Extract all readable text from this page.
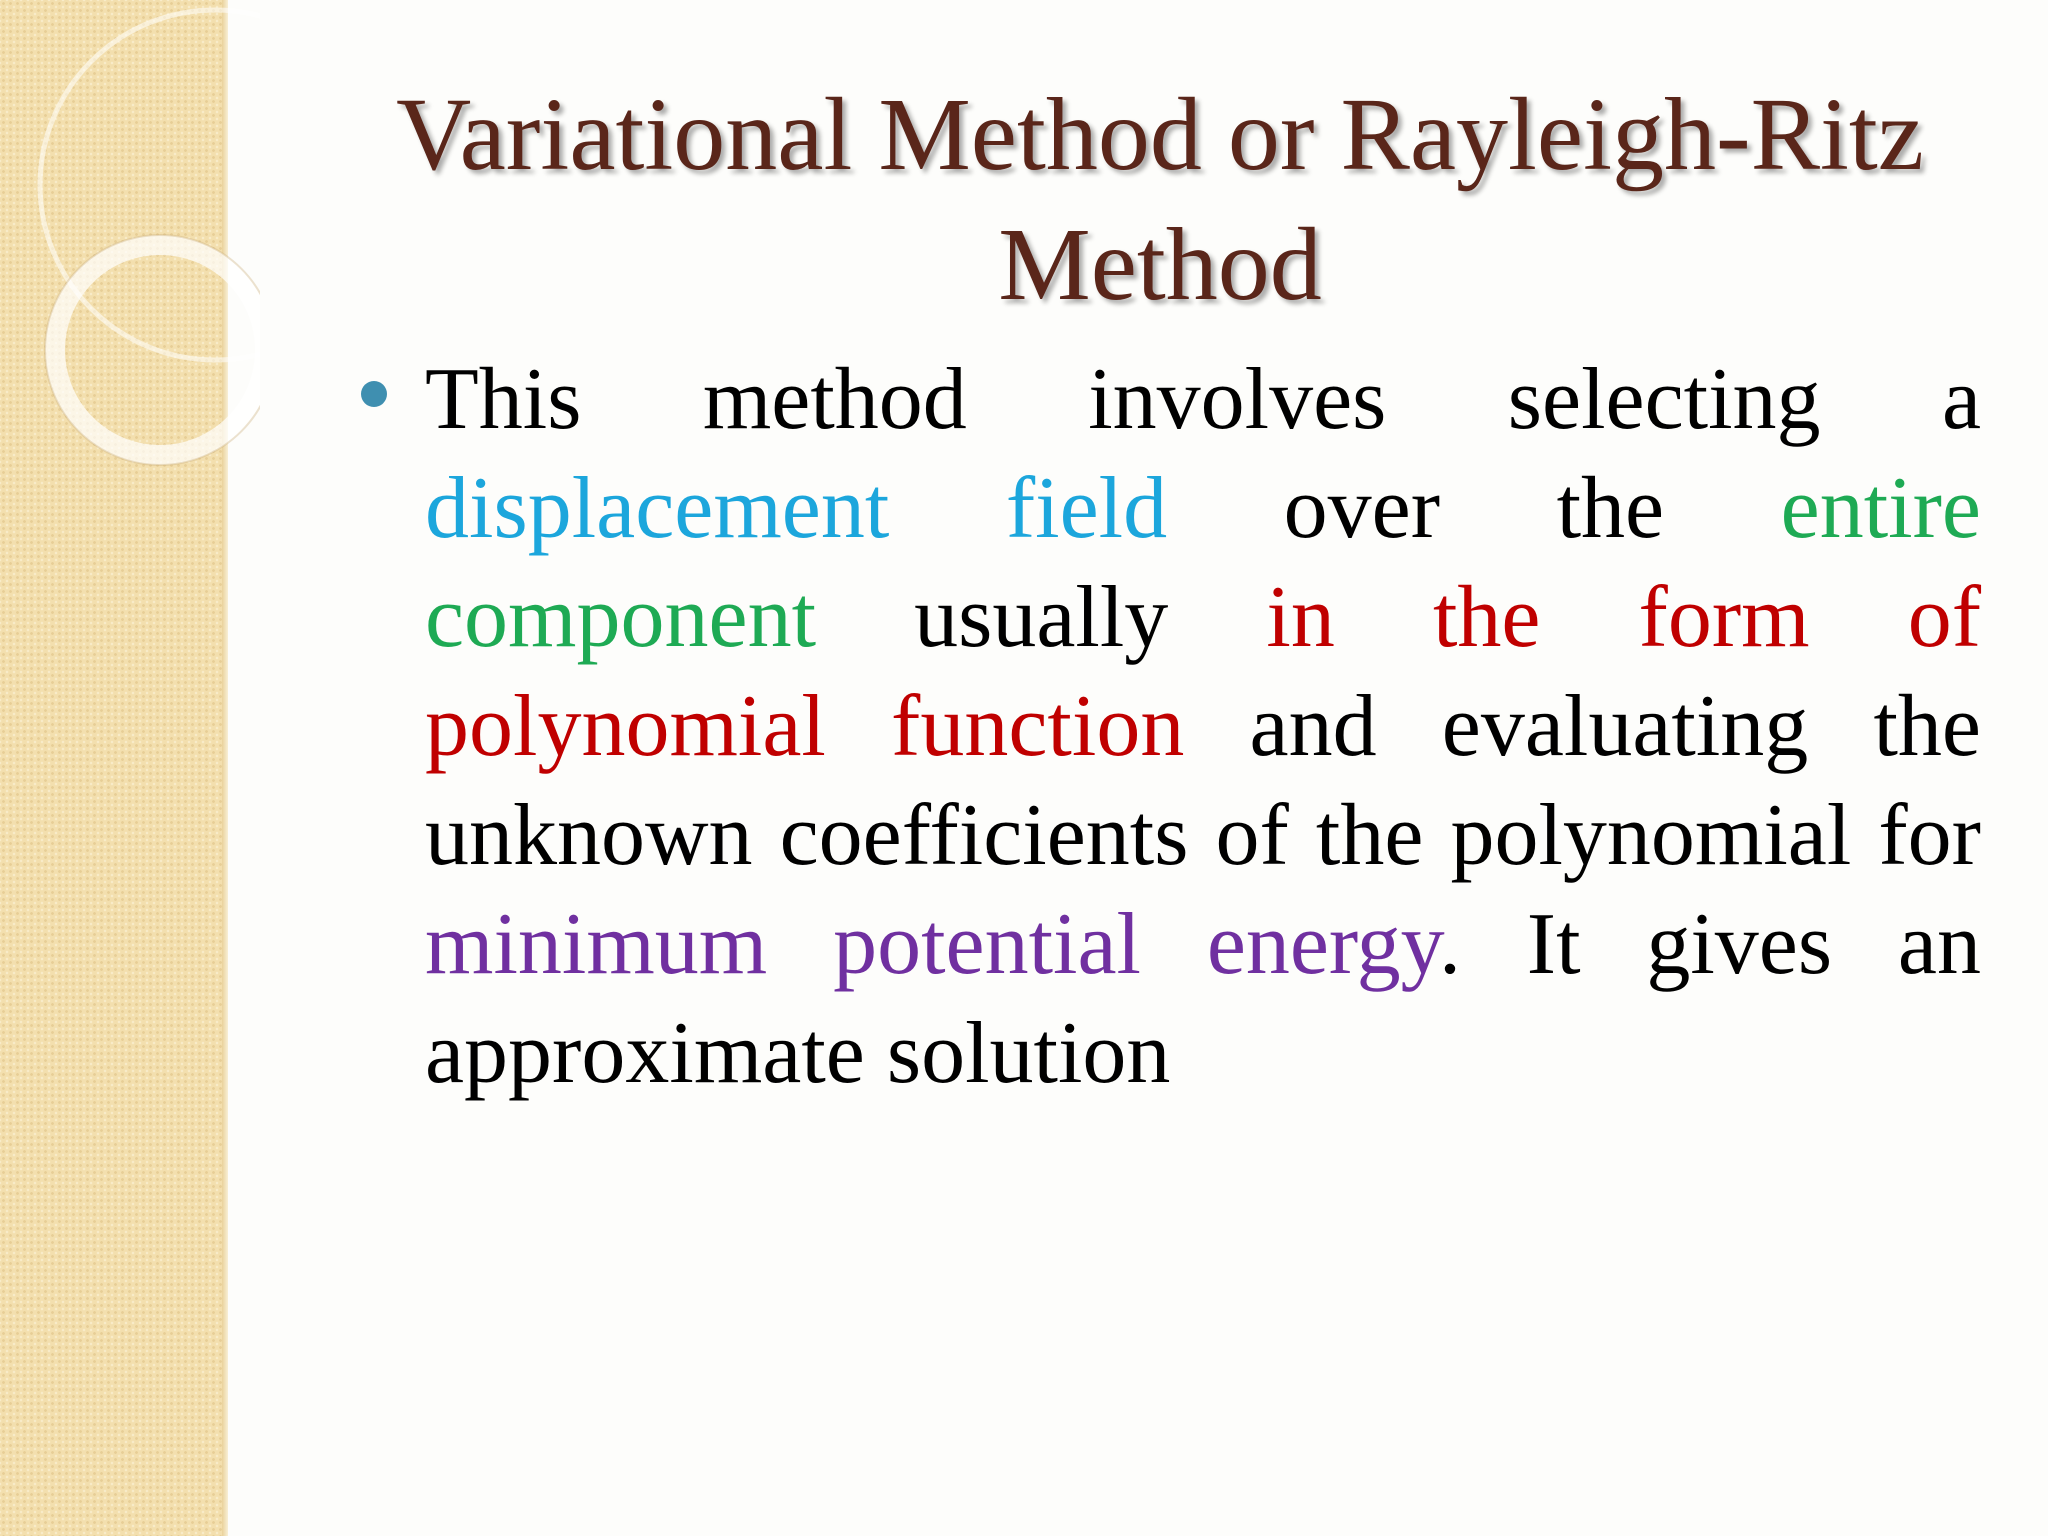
Variational Method or Rayleigh-Ritz Method

This method involves selecting a displacement field over the entire component usually in the form of polynomial function and evaluating the unknown coefficients of the polynomial for minimum potential energy. It gives an approximate solution
